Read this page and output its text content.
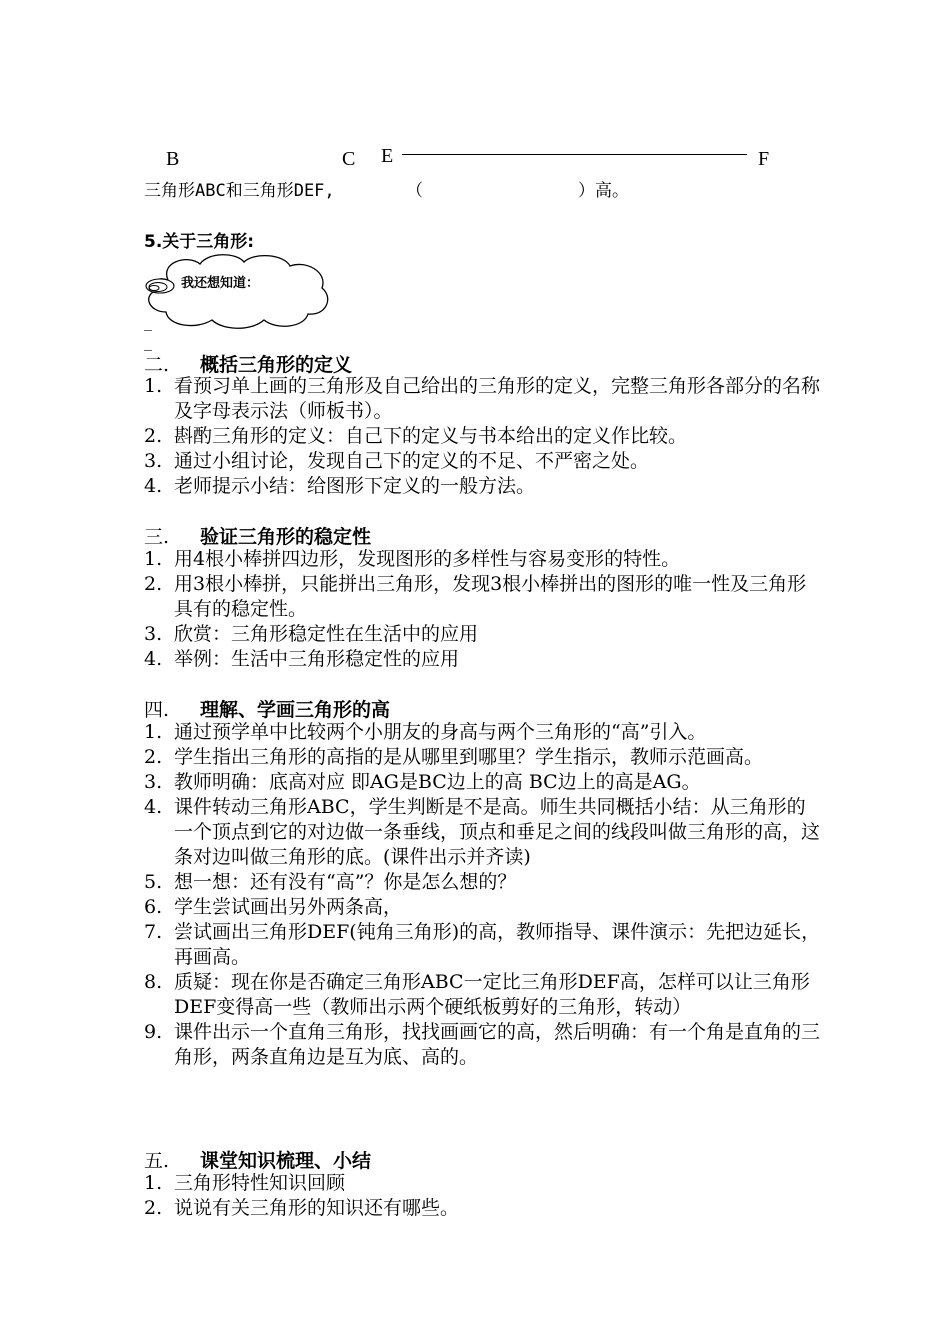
B	C E	F
三角形ABC和三角形DEF,	（	）高。
5.关于三角形:
我还想知道：
_
_
二. 概括三角形的定义
1. 看预习单上画的三角形及自己给出的三角形的定义，完整三角形各部分的名称及字母表示法（师板书）。
2. 斟酌三角形的定义：自己下的定义与书本给出的定义作比较。
3. 通过小组讨论，发现自己下的定义的不足、不严密之处。
4. 老师提示小结：给图形下定义的一般方法。
三. 验证三角形的稳定性
1. 用4根小棒拼四边形，发现图形的多样性与容易变形的特性。
2. 用3根小棒拼，只能拼出三角形，发现3根小棒拼出的图形的唯一性及三角形具有的稳定性。
3. 欣赏：三角形稳定性在生活中的应用
4. 举例：生活中三角形稳定性的应用
四. 理解、学画三角形的高
1. 通过预学单中比较两个小朋友的身高与两个三角形的“高”引入。
2. 学生指出三角形的高指的是从哪里到哪里？学生指示，教师示范画高。
3. 教师明确：底高对应 即AG是BC边上的高 BC边上的高是AG。
4. 课件转动三角形ABC，学生判断是不是高。师生共同概括小结：从三角形的一个顶点到它的对边做一条垂线，顶点和垂足之间的线段叫做三角形的高，这条对边叫做三角形的底。(课件出示并齐读)
5. 想一想：还有没有“高”？你是怎么想的？
6. 学生尝试画出另外两条高，
7. 尝试画出三角形DEF(钝角三角形)的高，教师指导、课件演示：先把边延长，再画高。
8. 质疑：现在你是否确定三角形ABC一定比三角形DEF高，怎样可以让三角形DEF变得高一些（教师出示两个硬纸板剪好的三角形，转动）
9. 课件出示一个直角三角形，找找画画它的高，然后明确：有一个角是直角的三角形，两条直角边是互为底、高的。
五. 课堂知识梳理、小结
1. 三角形特性知识回顾
2. 说说有关三角形的知识还有哪些。
